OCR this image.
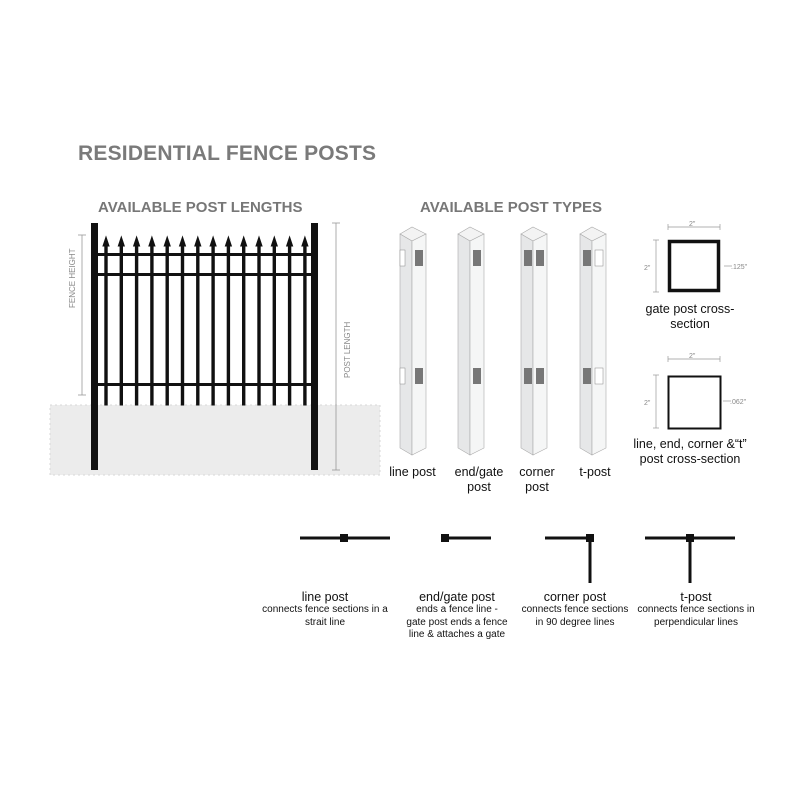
RESIDENTIAL FENCE POSTS
AVAILABLE POST LENGTHS	AVAILABLE POST TYPES
FENCE HEIGHT
POST LENGTH
line post	end/gate post
corner post
t-post
2"
2"	.125"
gate post cross-section
2"
2"	.062"
line, end, corner &“t” post cross-section
line post
connects fence sections in a strait line
end/gate post
ends a fence line - gate post ends a fence line & attaches a gate
corner post
connects fence sections in 90 degree lines
t-post
connects fence sections in perpendicular lines
